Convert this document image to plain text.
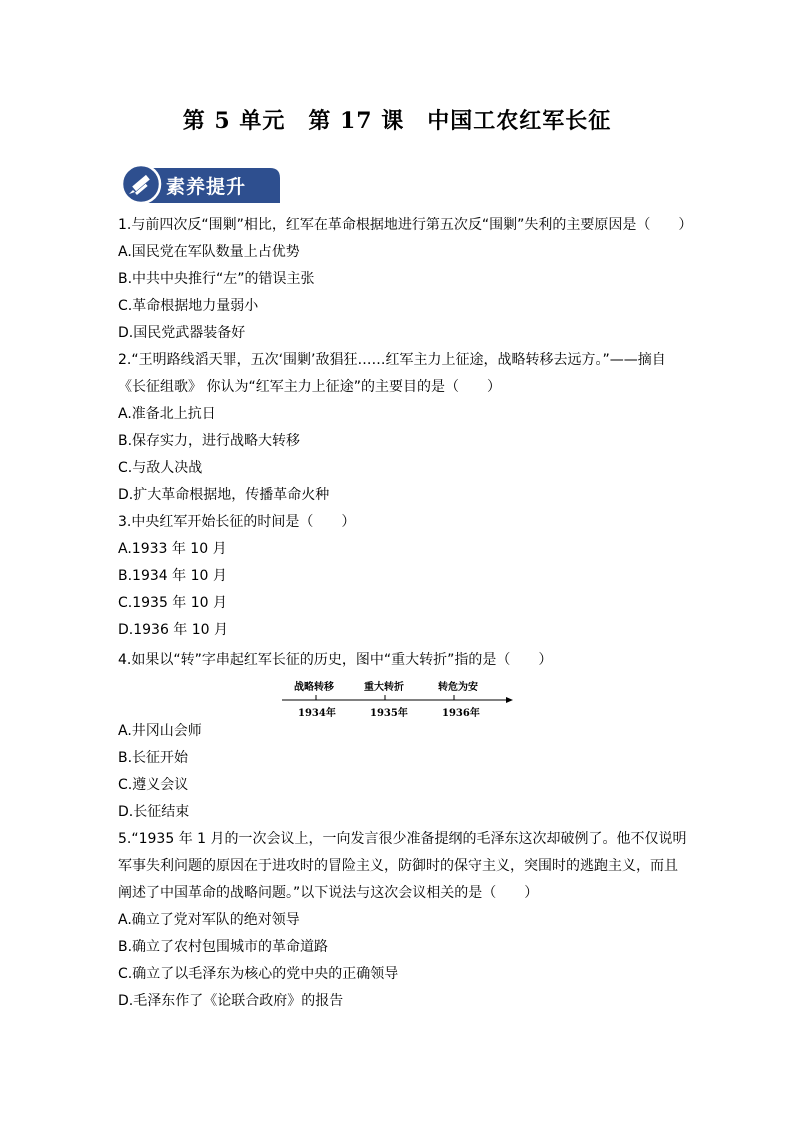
第 5 单元　第 17 课　中国工农红军长征
素养提升
1.与前四次反“围剿”相比，红军在革命根据地进行第五次反“围剿”失利的主要原因是（　　）
A.国民党在军队数量上占优势
B.中共中央推行“左”的错误主张
C.革命根据地力量弱小
D.国民党武器装备好
2.“王明路线滔天罪，五次‘围剿’敌猖狂……红军主力上征途，战略转移去远方。”——摘自
《长征组歌》 你认为“红军主力上征途”的主要目的是（　　）
A.准备北上抗日
B.保存实力，进行战略大转移
C.与敌人决战
D.扩大革命根据地，传播革命火种
3.中央红军开始长征的时间是（　　）
A.1933 年 10 月
B.1934 年 10 月
C.1935 年 10 月
D.1936 年 10 月
4.如果以“转”字串起红军长征的历史，图中“重大转折”指的是（　　）
A.井冈山会师
B.长征开始
C.遵义会议
D.长征结束
5.“1935 年 1 月的一次会议上，一向发言很少准备提纲的毛泽东这次却破例了。他不仅说明
军事失利问题的原因在于进攻时的冒险主义，防御时的保守主义，突围时的逃跑主义，而且
阐述了中国革命的战略问题。”以下说法与这次会议相关的是（　　）
A.确立了党对军队的绝对领导
B.确立了农村包围城市的革命道路
C.确立了以毛泽东为核心的党中央的正确领导
D.毛泽东作了《论联合政府》的报告
战略转移	重大转折	转危为安
1934年	1935年	1936年
